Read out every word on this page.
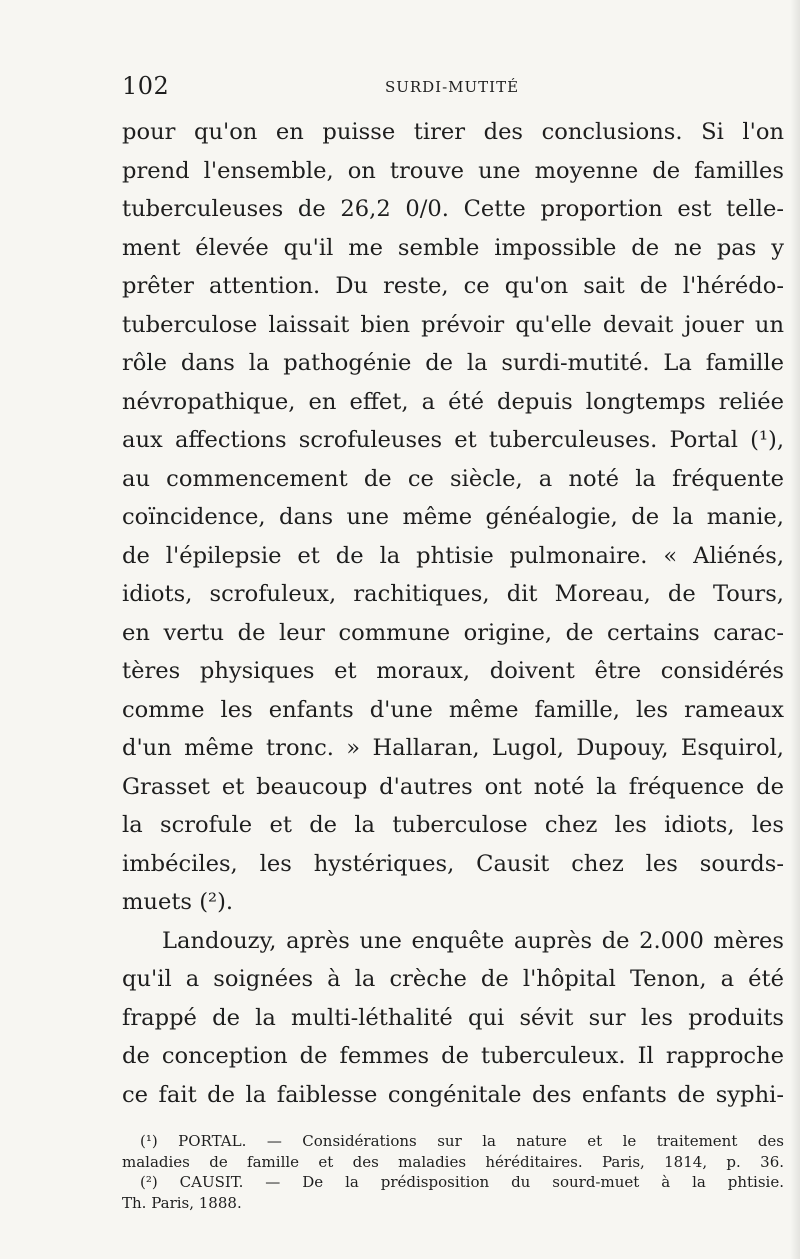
102	SURDI-MUTITÉ
pour qu'on en puisse tirer des conclusions. Si l'on
prend l'ensemble, on trouve une moyenne de familles
tuberculeuses de 26,2 0/0. Cette proportion est telle-
ment élevée qu'il me semble impossible de ne pas y
prêter attention. Du reste, ce qu'on sait de l'hérédo-
tuberculose laissait bien prévoir qu'elle devait jouer un
rôle dans la pathogénie de la surdi-mutité. La famille
névropathique, en effet, a été depuis longtemps reliée
aux affections scrofuleuses et tuberculeuses. Portal (¹),
au commencement de ce siècle, a noté la fréquente
coïncidence, dans une même généalogie, de la manie,
de l'épilepsie et de la phtisie pulmonaire. « Aliénés,
idiots, scrofuleux, rachitiques, dit Moreau, de Tours,
en vertu de leur commune origine, de certains carac-
tères physiques et moraux, doivent être considérés
comme les enfants d'une même famille, les rameaux
d'un même tronc. » Hallaran, Lugol, Dupouy, Esquirol,
Grasset et beaucoup d'autres ont noté la fréquence de
la scrofule et de la tuberculose chez les idiots, les
imbéciles, les hystériques, Causit chez les sourds-
muets (²).
Landouzy, après une enquête auprès de 2.000 mères
qu'il a soignées à la crèche de l'hôpital Tenon, a été
frappé de la multi-léthalité qui sévit sur les produits
de conception de femmes de tuberculeux. Il rapproche
ce fait de la faiblesse congénitale des enfants de syphi-
(¹) PORTAL. — Considérations sur la nature et le traitement des
maladies de famille et des maladies héréditaires. Paris, 1814, p. 36.
(²) CAUSIT. — De la prédisposition du sourd-muet à la phtisie.
Th. Paris, 1888.
